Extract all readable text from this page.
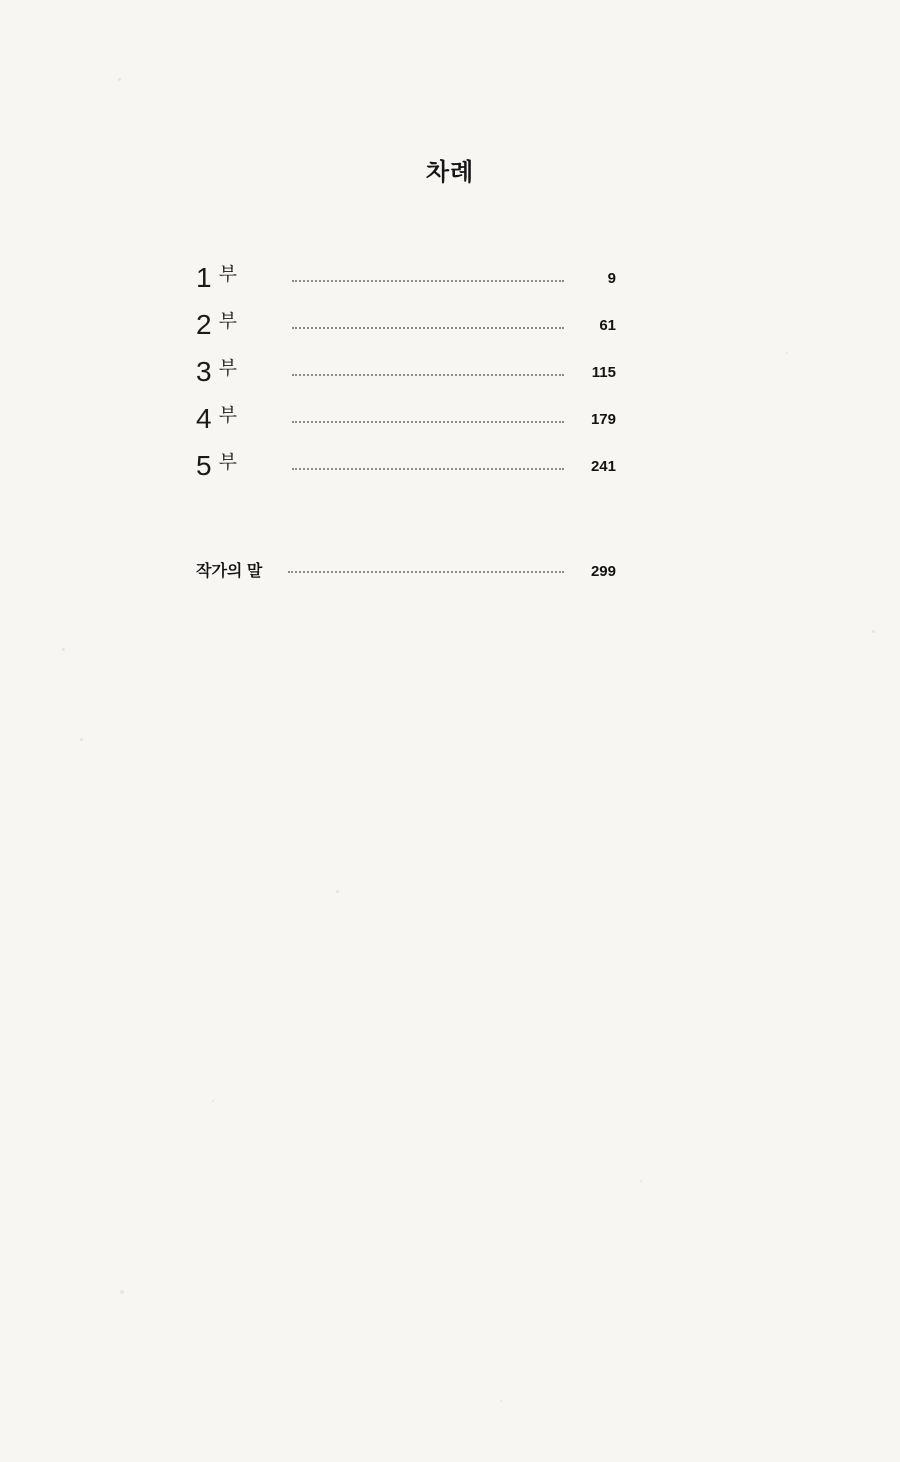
차례
1 부	9
2 부	61
3 부	115
4 부	179
5 부	241
작가의 말	299
